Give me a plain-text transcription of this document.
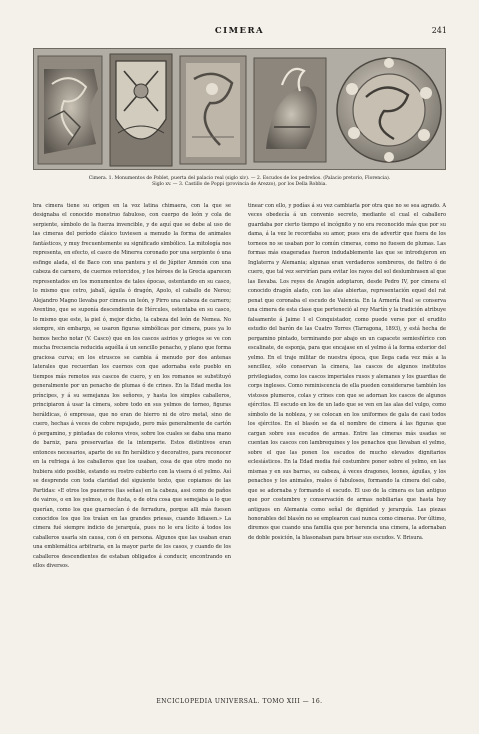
CIMERA	241
Cimera. 1. Monumentos de Poblet, puerta del palacio real (siglo xiv). — 2. Escudos de los pedreños. (Palacio pretorio, Florencia).
Siglo xv. — 3. Castillo de Poppi (provincia de Arezzo), por los Della Robbia.

bra cimera tiene su origen en la voz latina chimaera, con la que se designaba el conocido monstruo fabuloso, con cuerpo de león y cola de serpiente, símbolo de la fuerza invencible, y de aquí que se debe al uso de las cimeras del período clásico tuviesen a menudo la forma de animales fantásticos, y muy frecuentemente su significado simbólico. La mitología nos representa, en efecto, el casco de Minerva coronado por una serpiente ó una esfinge alada, el de Baco con una pantera y el de Júpiter Ammón con una cabeza de carnero, de cuernos retorcidos, y los héroes de la Grecia aparecen representados en los monumentos de tales épocas, ostentando en su casco, lo mismo que cetro, jabalí, águila ó dragón, Apolo, el caballo de Nereo; Alejandro Magno llevaba por cimera un león, y Pirro una cabeza de carnero; Aventino, que se suponía descendiente de Hércules, ostentaba en su casco, lo mismo que este, la piel ó, mejor dicho, la cabeza del león de Nemea. No siempre, sin embargo, se usaron figuras simbólicas por cimera, pues ya lo hemos hecho notar (V. Casco) que en los cascos asirios y griegos se ve con mucha frecuencia reducida aquélla á un sencillo penacho, y plano que forma graciosa curva; en los etruscos se cambia á menudo por dos antenas laterales que recuerdan los cuernos con que adornaba este pueblo en tiempos más remotos sus cascos de cuero, y en los romanos se substituyó generalmente por un penacho de plumas ó de crines. En la Edad media los príncipes, y á su semejanza los señores, y hasta los simples caballeros, principiaron á usar la cimera, sobre todo en sus yelmos de torneo, figuras heráldicas, ó empresas, que no eran de hierro ni de otro metal, sino de cuero, hechas á veces de cobre repujado, pero más generalmente de cartón ó pergamino, y pintadas de colores vivos, sobre los cuales se daba una mano de barniz, para preservarlas de la intemperie. Estos distintivos eran entonces necesarios, aparte de su fin heráldico y decorativo, para reconocer en la refriega á los caballeros que los usaban, cosa de que otro modo no hubiera sido posible, estando su rostro cubierto con la visera ó el yelmo. Así se desprende con toda claridad del siguiente texto, que copiamos de las Partidas: «E otros los pueneros (las señas) en la cabeza, assi como de paños de vairos, o en los yelmos, o de fusta, o de otra cosa que semejaba a lo que querían, como los que guarnecían ó de ferradura, porque alli más fuesen conocidos los que los traían en las grandes priesas, cuando lidiasen.» La cimera fué siempre indicio de jerarquía, pues no le era lícito á todos los caballeros usarla sin causa, con ó en persona. Algunos que las usaban eran una emblemática arbitraria, en la mayor parte de los casos, y cuando de los caballeros descendientes de estaban obligados á conducir, encontrando en ellos diversos.

tinear con ello, y podías á su vez cambiarla por otra que no se sea agrado. A veces obedecía á un convenio secreto, mediante el cual el caballero guardaba por cierto tiempo el incógnito y no era reconocido más que por su dama, á la vez le recordaba su amor, pues era de advertir que fuera de los torneos no se usaban por lo común cimeras, como no fuesen de plumas. Las formas más exageradas fueron indudablemente las que se introdujeron en Inglaterra y Alemania; algunas eran verdaderos sombreros, de fieltro ó de cuero, que tal vez servirían para evitar los rayos del sol deslumbrasen al que las llevaba. Los reyes de Aragón adoptaron, desde Pedro IV, por cimera el conocido dragón alado, con las alas abiertas, representación equel del rat penat que coronaba el escudo de Valencia. En la Armería Real se conserva una cimera de esta clase que perteneció al rey Martín y la tradición atribuye falsamente á Jaime I el Conquistador, como puede verse por el erudito estudio del barón de las Cuatro Torres (Tarragona, 1893), y está hecha de pergamino pintado, terminando por abajo en un capacete semiesférico con escalinate, de esponja, para que encajase en el yelmo á la forma exterior del yelmo. En el traje militar de nuestra época, que llega cada vez más a la sencillez, sólo conservan la cimera, las cascos de algunos institutos privilegiados, como los cascos imperiales rusos y alemanes y los guardias de corps ingleses. Como reminiscencia de ella pueden considerarse también los vistosos plumeros, colas y crines con que se adornan los cascos de algunos ejércitos. El escudo en los de un lado que se ven en las alas del vulgo, como símbolo de la nobleza, y se colocan en los uniformes de gala de casi todos los ejércitos. En el blasón se da el nombre de cimera á las figuras que cargan sobre sus escudos de armas. Entre las cimeras más usadas se cuentan los cascos con lambrequines y los penachos que llevaban el yelmo, sobre el que las ponen los escudos de mucho elevados dignitarios eclesiásticos. En la Edad media fué costumbre poner sobre el yelmo, en las mismas y en sus barras, su cabeza, á veces dragones, leones, águilas, y los penachos y los animales, reales ó fabulosos, formando la cimera del cabo, que se adornaba y formando el escudo. El uso de la cimera es tan antiguo que por costumbre y conservación de armas nobiliarias que hasta hoy antiguos en Alemania como señal de dignidad y jerarquía. Las piezas honorables del blasón no se emplearon casi nunca como cimeras. Por último, diremos que cuando una familia que por herencia una cimera, la adornaban de doble posición, la blasonaban para brisar sus escudos. V. Brisura.

ENCICLOPEDIA UNIVERSAL. TOMO XIII — 16.
